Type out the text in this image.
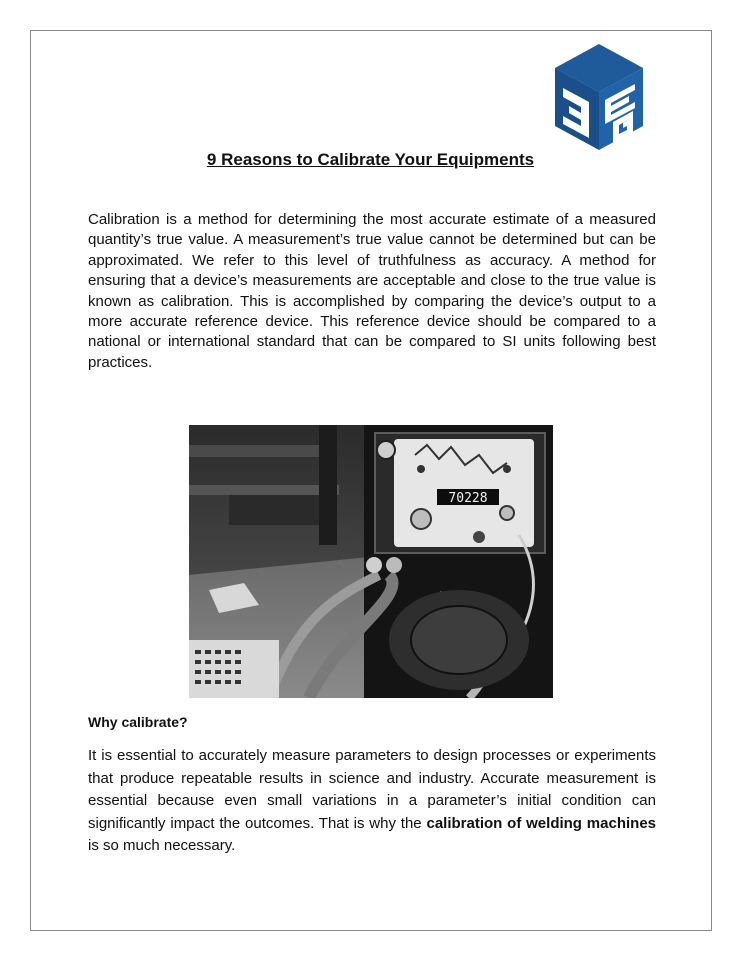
9 Reasons to Calibrate Your Equipments

Calibration is a method for determining the most accurate estimate of a measured quantity’s true value. A measurement’s true value cannot be determined but can be approximated. We refer to this level of truthfulness as accuracy. A method for ensuring that a device’s measurements are acceptable and close to the true value is known as calibration. This is accomplished by comparing the device’s output to a more accurate reference device. This reference device should be compared to a national or international standard that can be compared to SI units following best practices.

70228
Why calibrate?

It is essential to accurately measure parameters to design processes or experiments that produce repeatable results in science and industry. Accurate measurement is essential because even small variations in a parameter’s initial condition can significantly impact the outcomes. That is why the calibration of welding machines is so much necessary.
